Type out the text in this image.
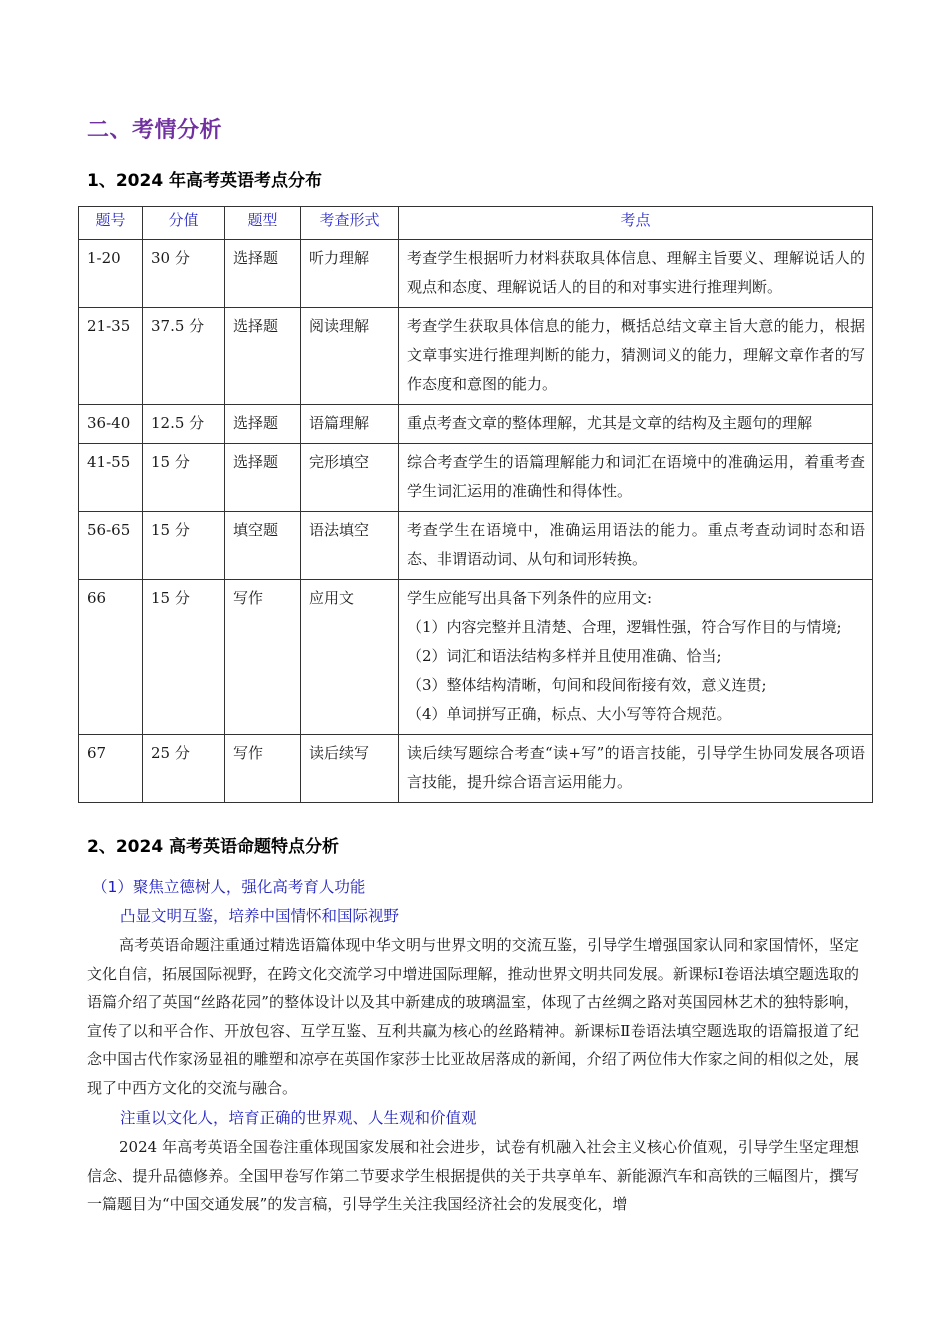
二、考情分析
1、2024 年高考英语考点分布
题号	分值	题型	考查形式	考点
1-20	30 分	选择题	听力理解	考查学生根据听力材料获取具体信息、理解主旨要义、理解说话人的观点和态度、理解说话人的目的和对事实进行推理判断。
21-35	37.5 分	选择题	阅读理解	考查学生获取具体信息的能力，概括总结文章主旨大意的能力，根据文章事实进行推理判断的能力，猜测词义的能力，理解文章作者的写作态度和意图的能力。
36-40	12.5 分	选择题	语篇理解	重点考查文章的整体理解，尤其是文章的结构及主题句的理解
41-55	15 分	选择题	完形填空	综合考查学生的语篇理解能力和词汇在语境中的准确运用，着重考查学生词汇运用的准确性和得体性。
56-65	15 分	填空题	语法填空	考查学生在语境中，准确运用语法的能力。重点考查动词时态和语态、非谓语动词、从句和词形转换。
66	15 分	写作	应用文	学生应能写出具备下列条件的应用文:
（1）内容完整并且清楚、合理，逻辑性强，符合写作目的与情境;
（2）词汇和语法结构多样并且使用准确、恰当;
（3）整体结构清晰，句间和段间衔接有效，意义连贯;
（4）单词拼写正确，标点、大小写等符合规范。

67	25 分	写作	读后续写	读后续写题综合考查“读+写”的语言技能，引导学生协同发展各项语言技能，提升综合语言运用能力。
2、2024 高考英语命题特点分析
（1）聚焦立德树人，强化高考育人功能
凸显文明互鉴，培养中国情怀和国际视野
高考英语命题注重通过精选语篇体现中华文明与世界文明的交流互鉴，引导学生增强国家认同和家国情怀，坚定文化自信，拓展国际视野，在跨文化交流学习中增进国际理解，推动世界文明共同发展。新课标Ⅰ卷语法填空题选取的语篇介绍了英国“丝路花园”的整体设计以及其中新建成的玻璃温室，体现了古丝绸之路对英国园林艺术的独特影响，宣传了以和平合作、开放包容、互学互鉴、互利共赢为核心的丝路精神。新课标Ⅱ卷语法填空题选取的语篇报道了纪念中国古代作家汤显祖的雕塑和凉亭在英国作家莎士比亚故居落成的新闻，介绍了两位伟大作家之间的相似之处，展现了中西方文化的交流与融合。
注重以文化人，培育正确的世界观、人生观和价值观
2024 年高考英语全国卷注重体现国家发展和社会进步，试卷有机融入社会主义核心价值观，引导学生坚定理想信念、提升品德修养。全国甲卷写作第二节要求学生根据提供的关于共享单车、新能源汽车和高铁的三幅图片，撰写一篇题目为“中国交通发展”的发言稿，引导学生关注我国经济社会的发展变化，增
